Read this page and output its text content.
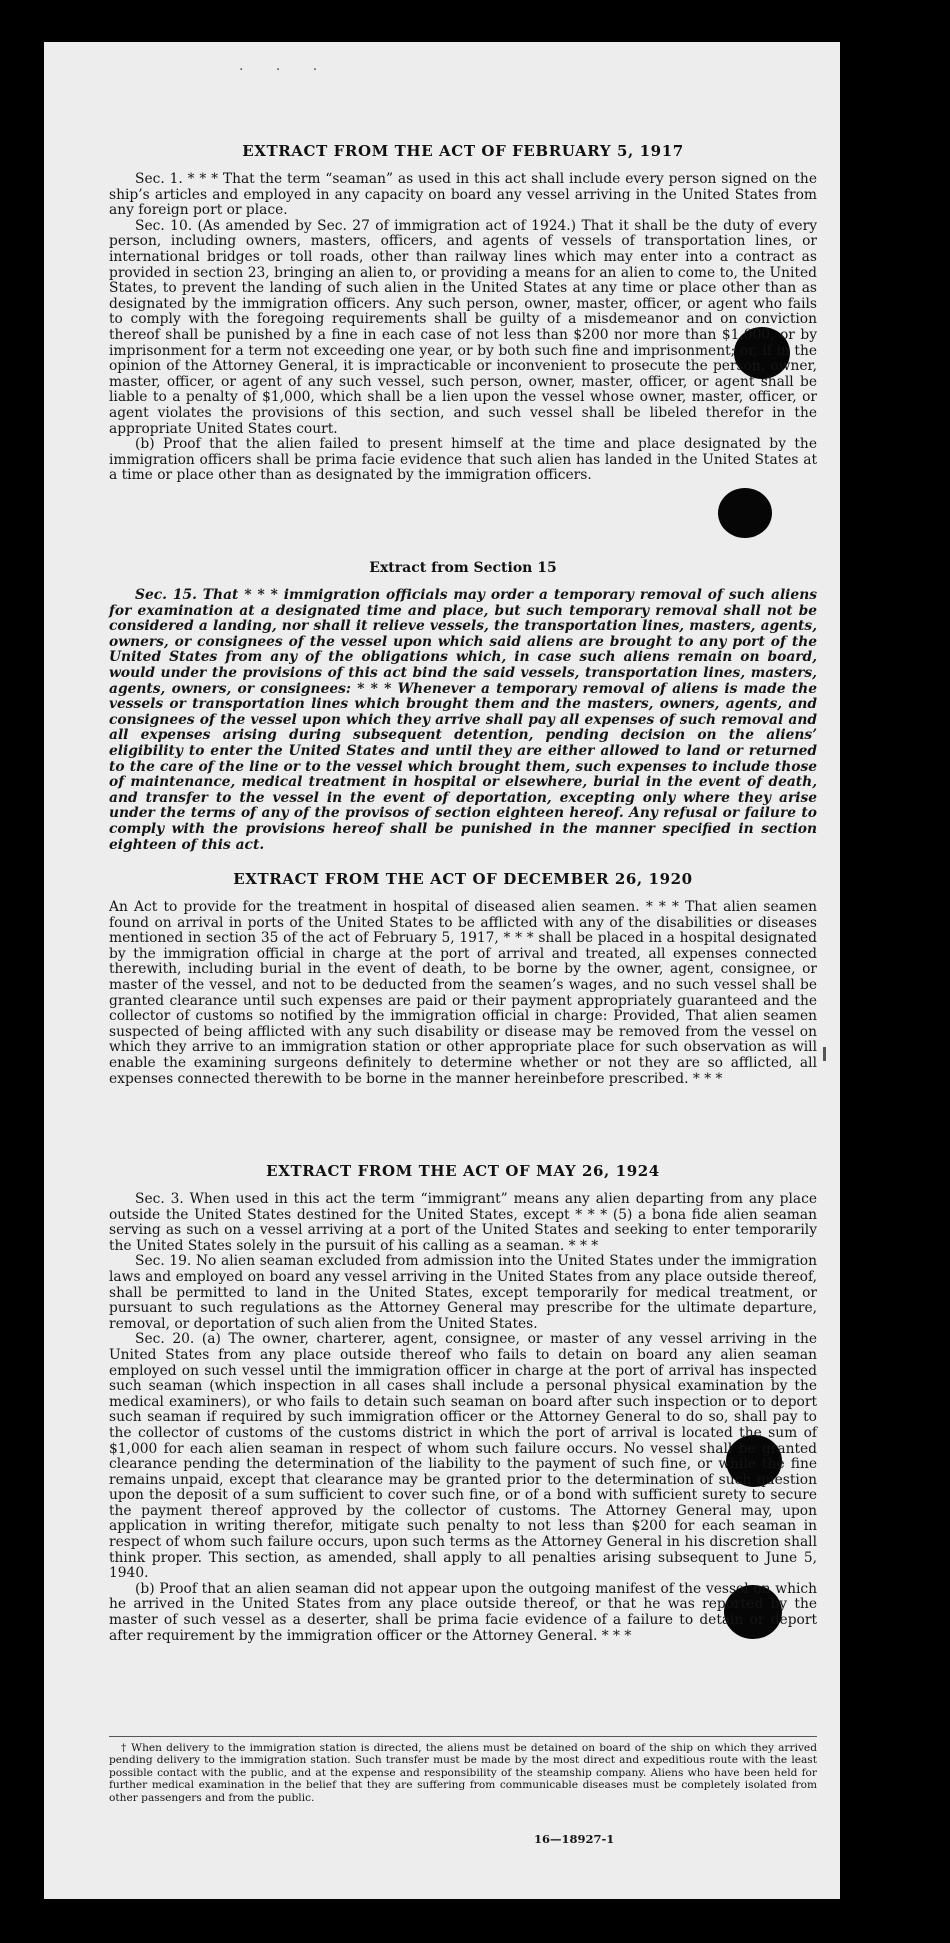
· · ·
EXTRACT FROM THE ACT OF FEBRUARY 5, 1917

Sec. 1. * * * That the term “seaman” as used in this act shall include every person signed on the ship’s articles and employed in any capacity on board any vessel arriving in the United States from any foreign port or place.

Sec. 10. (As amended by Sec. 27 of immigration act of 1924.) That it shall be the duty of every person, including owners, masters, officers, and agents of vessels of transportation lines, or international bridges or toll roads, other than railway lines which may enter into a contract as provided in section 23, bringing an alien to, or providing a means for an alien to come to, the United States, to prevent the landing of such alien in the United States at any time or place other than as designated by the immigration officers. Any such person, owner, master, officer, or agent who fails to comply with the foregoing requirements shall be guilty of a misdemeanor and on conviction thereof shall be punished by a fine in each case of not less than $200 nor more than $1,000, or by imprisonment for a term not exceeding one year, or by both such fine and imprisonment; or, if in the opinion of the Attorney General, it is impracticable or inconvenient to prosecute the person, owner, master, officer, or agent of any such vessel, such person, owner, master, officer, or agent shall be liable to a penalty of $1,000, which shall be a lien upon the vessel whose owner, master, officer, or agent violates the provisions of this section, and such vessel shall be libeled therefor in the appropriate United States court.

(b) Proof that the alien failed to present himself at the time and place designated by the immigration officers shall be prima facie evidence that such alien has landed in the United States at a time or place other than as designated by the immigration officers.

Extract from Section 15

Sec. 15. That * * * immigration officials may order a temporary removal of such aliens for examination at a designated time and place, but such temporary removal shall not be considered a landing, nor shall it relieve vessels, the transportation lines, masters, agents, owners, or consignees of the vessel upon which said aliens are brought to any port of the United States from any of the obligations which, in case such aliens remain on board, would under the provisions of this act bind the said vessels, transportation lines, masters, agents, owners, or consignees: * * * Whenever a temporary removal of aliens is made the vessels or transportation lines which brought them and the masters, owners, agents, and consignees of the vessel upon which they arrive shall pay all expenses of such removal and all expenses arising during subsequent detention, pending decision on the aliens’ eligibility to enter the United States and until they are either allowed to land or returned to the care of the line or to the vessel which brought them, such expenses to include those of maintenance, medical treatment in hospital or elsewhere, burial in the event of death, and transfer to the vessel in the event of deportation, excepting only where they arise under the terms of any of the provisos of section eighteen hereof. Any refusal or failure to comply with the provisions hereof shall be punished in the manner specified in section eighteen of this act.

EXTRACT FROM THE ACT OF DECEMBER 26, 1920

An Act to provide for the treatment in hospital of diseased alien seamen. * * * That alien seamen found on arrival in ports of the United States to be afflicted with any of the disabilities or diseases mentioned in section 35 of the act of February 5, 1917, * * * shall be placed in a hospital designated by the immigration official in charge at the port of arrival and treated, all expenses connected therewith, including burial in the event of death, to be borne by the owner, agent, consignee, or master of the vessel, and not to be deducted from the seamen’s wages, and no such vessel shall be granted clearance until such expenses are paid or their payment appropriately guaranteed and the collector of customs so notified by the immigration official in charge: Provided, That alien seamen suspected of being afflicted with any such disability or disease may be removed from the vessel on which they arrive to an immigration station or other appropriate place for such observation as will enable the examining surgeons definitely to determine whether or not they are so afflicted, all expenses connected therewith to be borne in the manner hereinbefore prescribed. * * *

EXTRACT FROM THE ACT OF MAY 26, 1924

Sec. 3. When used in this act the term “immigrant” means any alien departing from any place outside the United States destined for the United States, except * * * (5) a bona fide alien seaman serving as such on a vessel arriving at a port of the United States and seeking to enter temporarily the United States solely in the pursuit of his calling as a seaman. * * *

Sec. 19. No alien seaman excluded from admission into the United States under the immigration laws and employed on board any vessel arriving in the United States from any place outside thereof, shall be permitted to land in the United States, except temporarily for medical treatment, or pursuant to such regulations as the Attorney General may prescribe for the ultimate departure, removal, or deportation of such alien from the United States.

Sec. 20. (a) The owner, charterer, agent, consignee, or master of any vessel arriving in the United States from any place outside thereof who fails to detain on board any alien seaman employed on such vessel until the immigration officer in charge at the port of arrival has inspected such seaman (which inspection in all cases shall include a personal physical examination by the medical examiners), or who fails to detain such seaman on board after such inspection or to deport such seaman if required by such immigration officer or the Attorney General to do so, shall pay to the collector of customs of the customs district in which the port of arrival is located the sum of $1,000 for each alien seaman in respect of whom such failure occurs. No vessel shall be granted clearance pending the determination of the liability to the payment of such fine, or while the fine remains unpaid, except that clearance may be granted prior to the determination of such question upon the deposit of a sum sufficient to cover such fine, or of a bond with sufficient surety to secure the payment thereof approved by the collector of customs. The Attorney General may, upon application in writing therefor, mitigate such penalty to not less than $200 for each seaman in respect of whom such failure occurs, upon such terms as the Attorney General in his discretion shall think proper. This section, as amended, shall apply to all penalties arising subsequent to June 5, 1940.

(b) Proof that an alien seaman did not appear upon the outgoing manifest of the vessel on which he arrived in the United States from any place outside thereof, or that he was reported by the master of such vessel as a deserter, shall be prima facie evidence of a failure to detain or deport after requirement by the immigration officer or the Attorney General. * * *

† When delivery to the immigration station is directed, the aliens must be detained on board of the ship on which they arrived pending delivery to the immigration station. Such transfer must be made by the most direct and expeditious route with the least possible contact with the public, and at the expense and responsibility of the steamship company. Aliens who have been held for further medical examination in the belief that they are suffering from communicable diseases must be completely isolated from other passengers and from the public.

16—18927-1
